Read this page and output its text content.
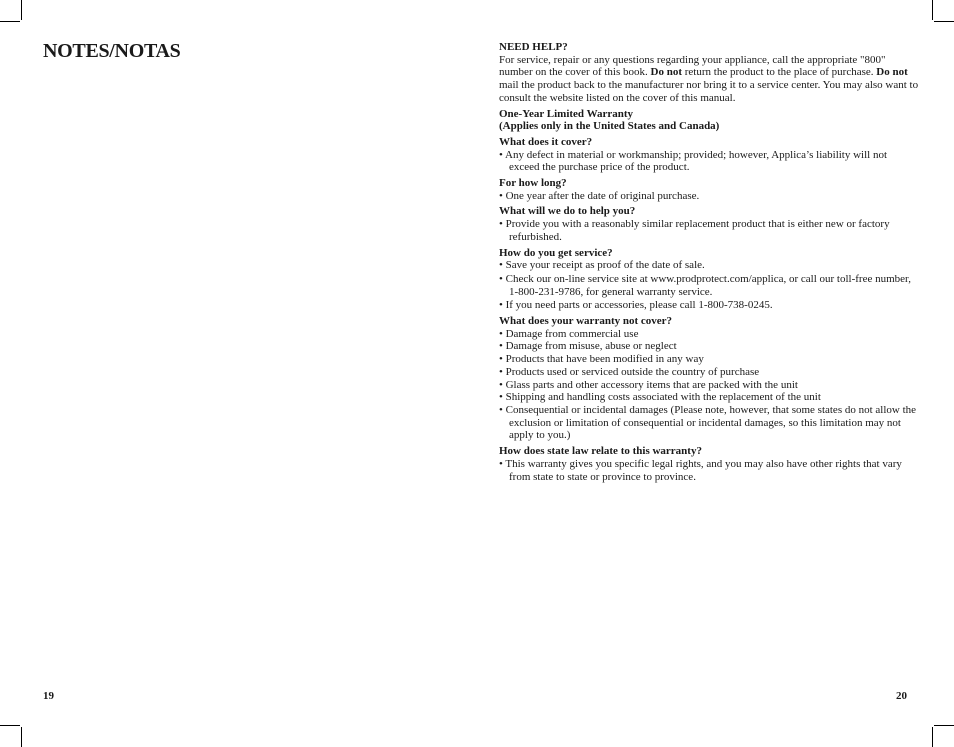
NOTES/NOTAS
19

NEED HELP?

For service, repair or any questions regarding your appliance, call the appropriate "800" number on the cover of this book. Do not return the product to the place of purchase. Do not mail the product back to the manufacturer nor bring it to a service center. You may also want to consult the website listed on the cover of this manual.

One-Year Limited Warranty

(Applies only in the United States and Canada)

What does it cover?

• Any defect in material or workmanship; provided; however, Applica’s liability will not exceed the purchase price of the product.

For how long?

• One year after the date of original purchase.

What will we do to help you?

• Provide you with a reasonably similar replacement product that is either new or factory refurbished.

How do you get service?

• Save your receipt as proof of the date of sale.
• Check our on-line service site at www.prodprotect.com/applica, or call our toll-free number, 1-800-231-9786, for general warranty service.
• If you need parts or accessories, please call 1-800-738-0245.

What does your warranty not cover?

• Damage from commercial use
• Damage from misuse, abuse or neglect
• Products that have been modified in any way
• Products used or serviced outside the country of purchase
• Glass parts and other accessory items that are packed with the unit
• Shipping and handling costs associated with the replacement of the unit
• Consequential or incidental damages (Please note, however, that some states do not allow the exclusion or limitation of consequential or incidental damages, so this limitation may not apply to you.)

How does state law relate to this warranty?

• This warranty gives you specific legal rights, and you may also have other rights that vary from state to state or province to province.
20
